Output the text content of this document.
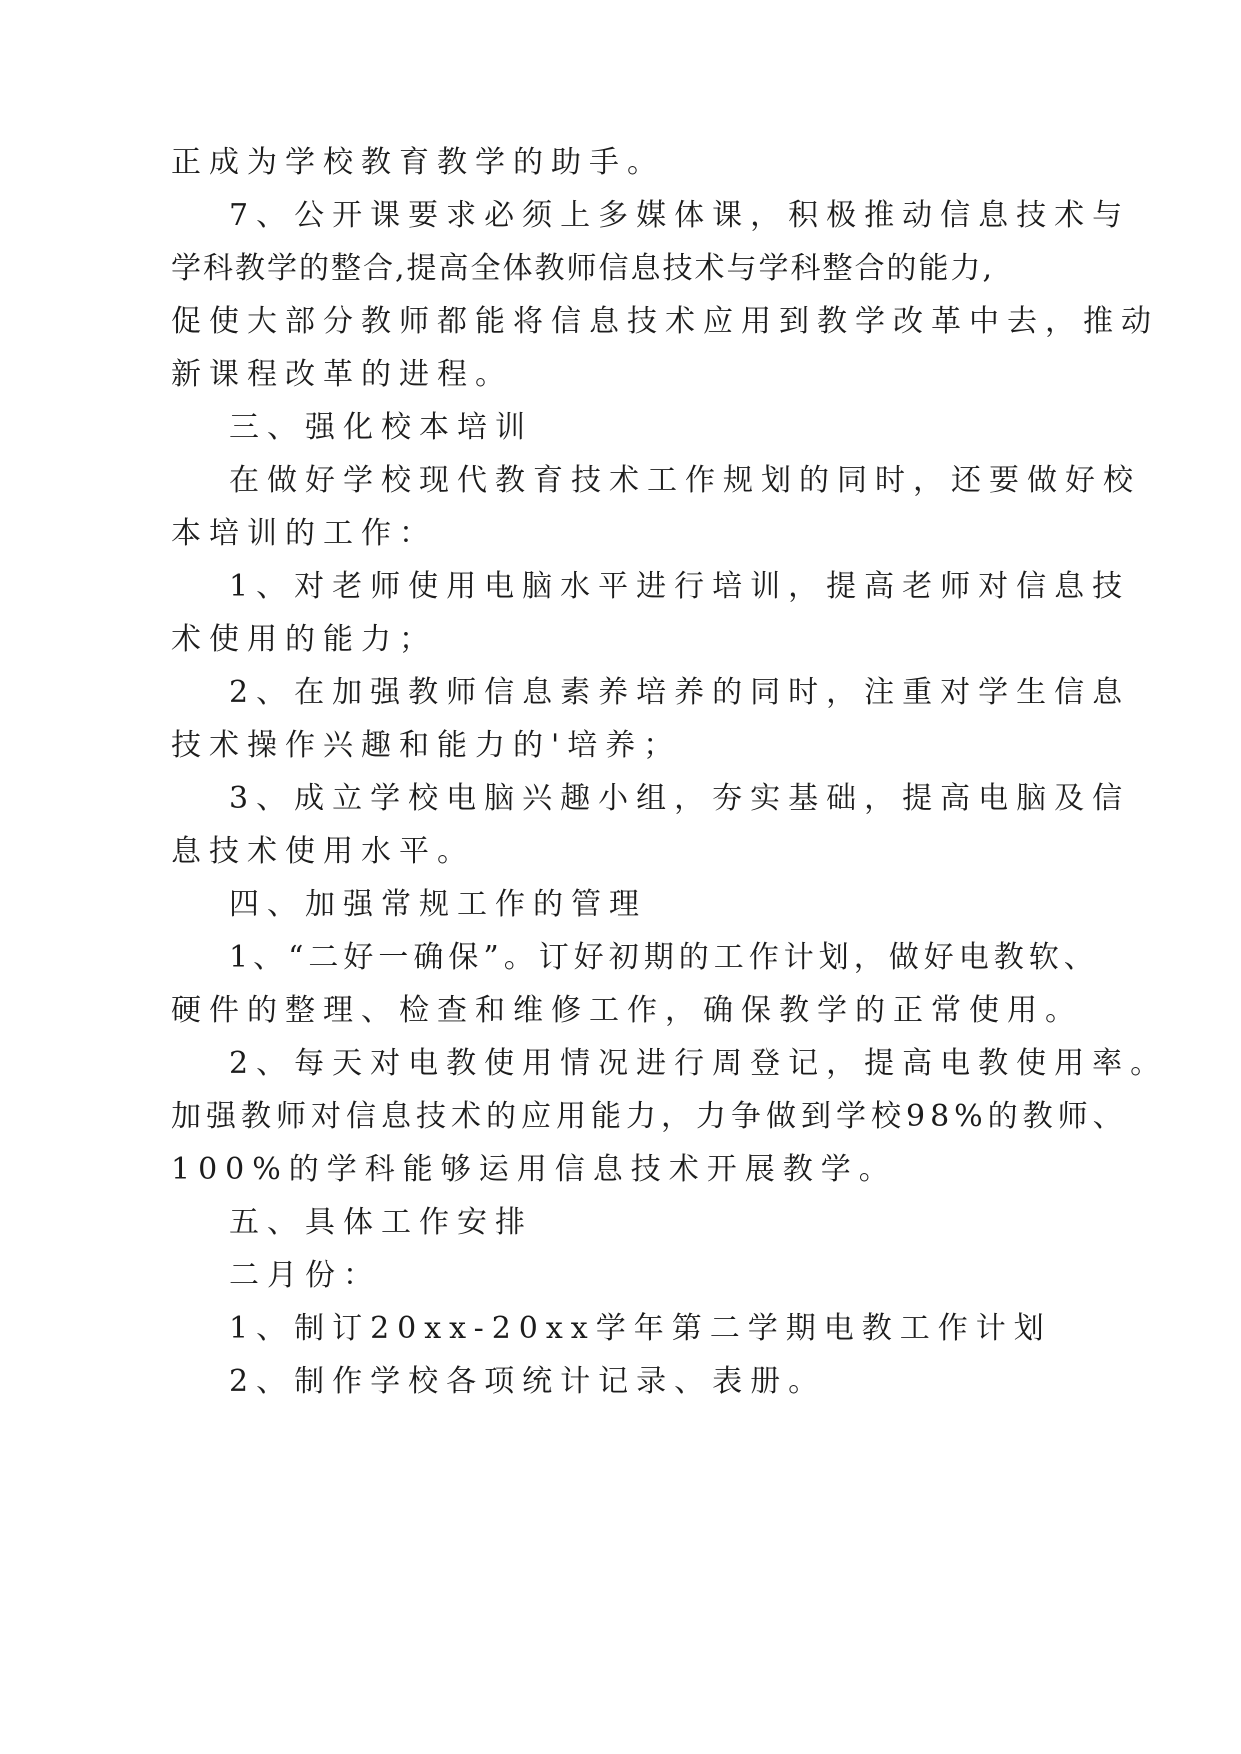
正成为学校教育教学的助手。
7、公开课要求必须上多媒体课，积极推动信息技术与
学科教学的整合,提高全体教师信息技术与学科整合的能力,
促使大部分教师都能将信息技术应用到教学改革中去，推动
新课程改革的进程。
三、强化校本培训
在做好学校现代教育技术工作规划的同时，还要做好校
本培训的工作：
1、对老师使用电脑水平进行培训，提高老师对信息技
术使用的能力；
2、在加强教师信息素养培养的同时，注重对学生信息
技术操作兴趣和能力的'培养；
3、成立学校电脑兴趣小组，夯实基础，提高电脑及信
息技术使用水平。
四、加强常规工作的管理
1、“二好一确保”。订好初期的工作计划，做好电教软、
硬件的整理、检查和维修工作，确保教学的正常使用。
2、每天对电教使用情况进行周登记，提高电教使用率。
加强教师对信息技术的应用能力，力争做到学校98%的教师、
100%的学科能够运用信息技术开展教学。
五、具体工作安排
二月份：
1、制订20xx-20xx学年第二学期电教工作计划
2、制作学校各项统计记录、表册。
